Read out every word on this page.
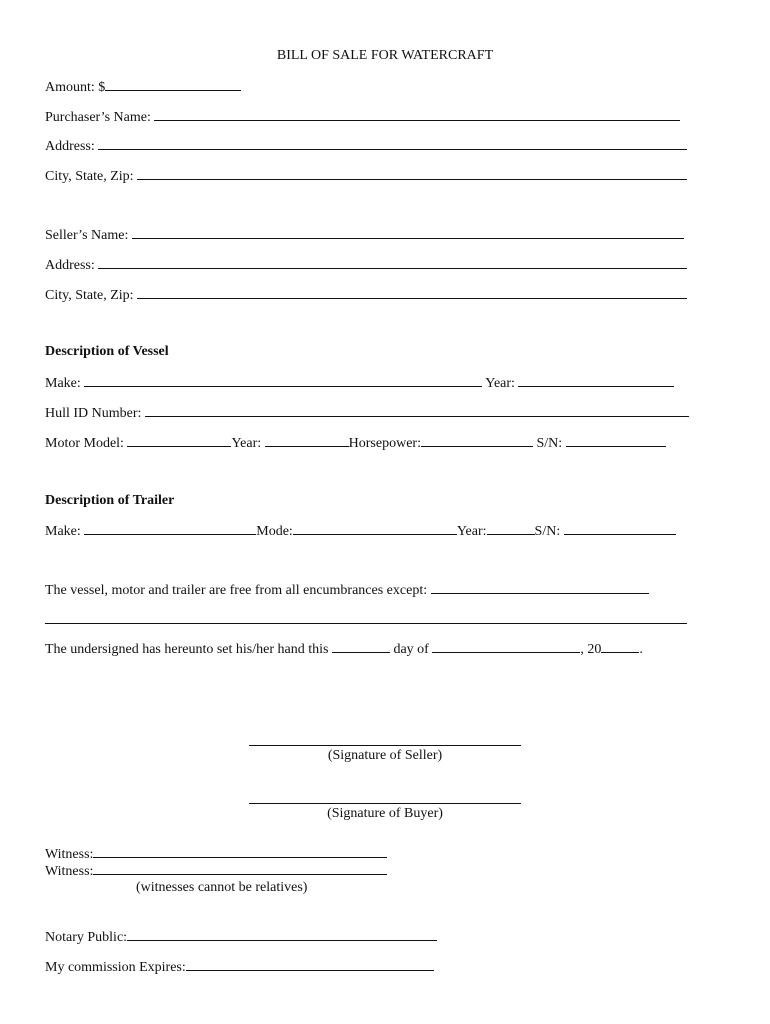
BILL OF SALE FOR WATERCRAFT
Amount: $
Purchaser’s Name:
Address:
City, State, Zip:
Seller’s Name:
Address:
City, State, Zip:
Description of Vessel
Make:	Year:
Hull ID Number:
Motor Model:	Year:	Horsepower:	S/N:
Description of Trailer
Make:	Mode:	Year:	S/N:
The vessel, motor and trailer are free from all encumbrances except:
The undersigned has hereunto set his/her hand this	day of	, 20	.
(Signature of Seller)
(Signature of Buyer)
Witness:
Witness:
(witnesses cannot be relatives)
Notary Public:
My commission Expires:
